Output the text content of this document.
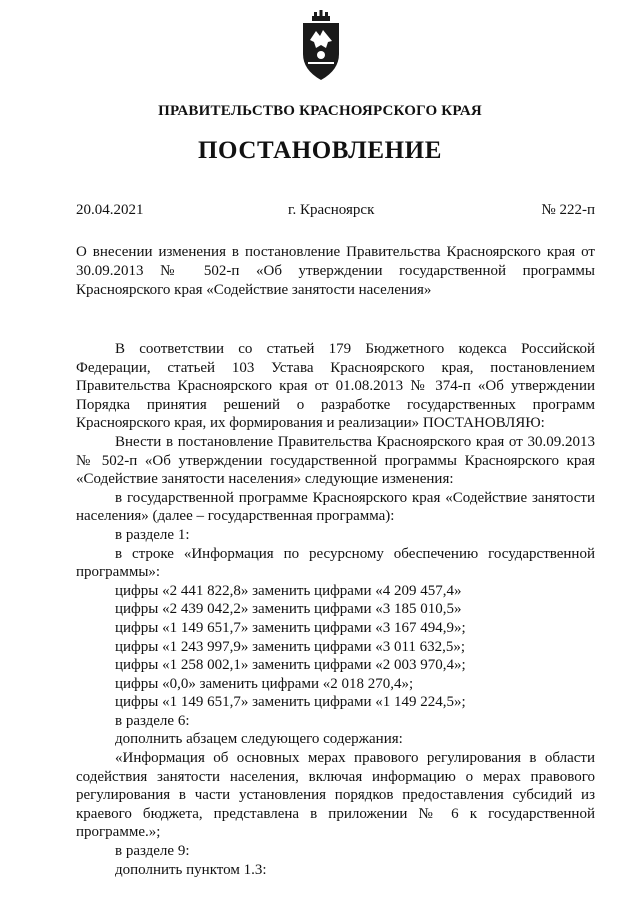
ПРАВИТЕЛЬСТВО КРАСНОЯРСКОГО КРАЯ
ПОСТАНОВЛЕНИЕ
20.04.2021	г. Красноярск	№ 222-п
О внесении изменения в постановление Правительства Красноярского края от 30.09.2013 № 502-п «Об утверждении государственной программы Красноярского края «Содействие занятости населения»

В соответствии со статьей 179 Бюджетного кодекса Российской Федерации, статьей 103 Устава Красноярского края, постановлением Правительства Красноярского края от 01.08.2013 № 374-п «Об утверждении Порядка принятия решений о разработке государственных программ Красноярского края, их формирования и реализации» ПОСТАНОВЛЯЮ:

Внести в постановление Правительства Красноярского края от 30.09.2013 № 502-п «Об утверждении государственной программы Красноярского края «Содействие занятости населения» следующие изменения:

в государственной программе Красноярского края «Содействие занятости населения» (далее – государственная программа):

в разделе 1:

в строке «Информация по ресурсному обеспечению государственной программы»:

цифры «2 441 822,8» заменить цифрами «4 209 457,4»

цифры «2 439 042,2» заменить цифрами «3 185 010,5»

цифры «1 149 651,7» заменить цифрами «3 167 494,9»;

цифры «1 243 997,9» заменить цифрами «3 011 632,5»;

цифры «1 258 002,1» заменить цифрами «2 003 970,4»;

цифры «0,0» заменить цифрами «2 018 270,4»;

цифры «1 149 651,7» заменить цифрами «1 149 224,5»;

в разделе 6:

дополнить абзацем следующего содержания:

«Информация об основных мерах правового регулирования в области содействия занятости населения, включая информацию о мерах правового регулирования в части установления порядков предоставления субсидий из краевого бюджета, представлена в приложении № 6 к государственной программе.»;

в разделе 9:

дополнить пунктом 1.3:
